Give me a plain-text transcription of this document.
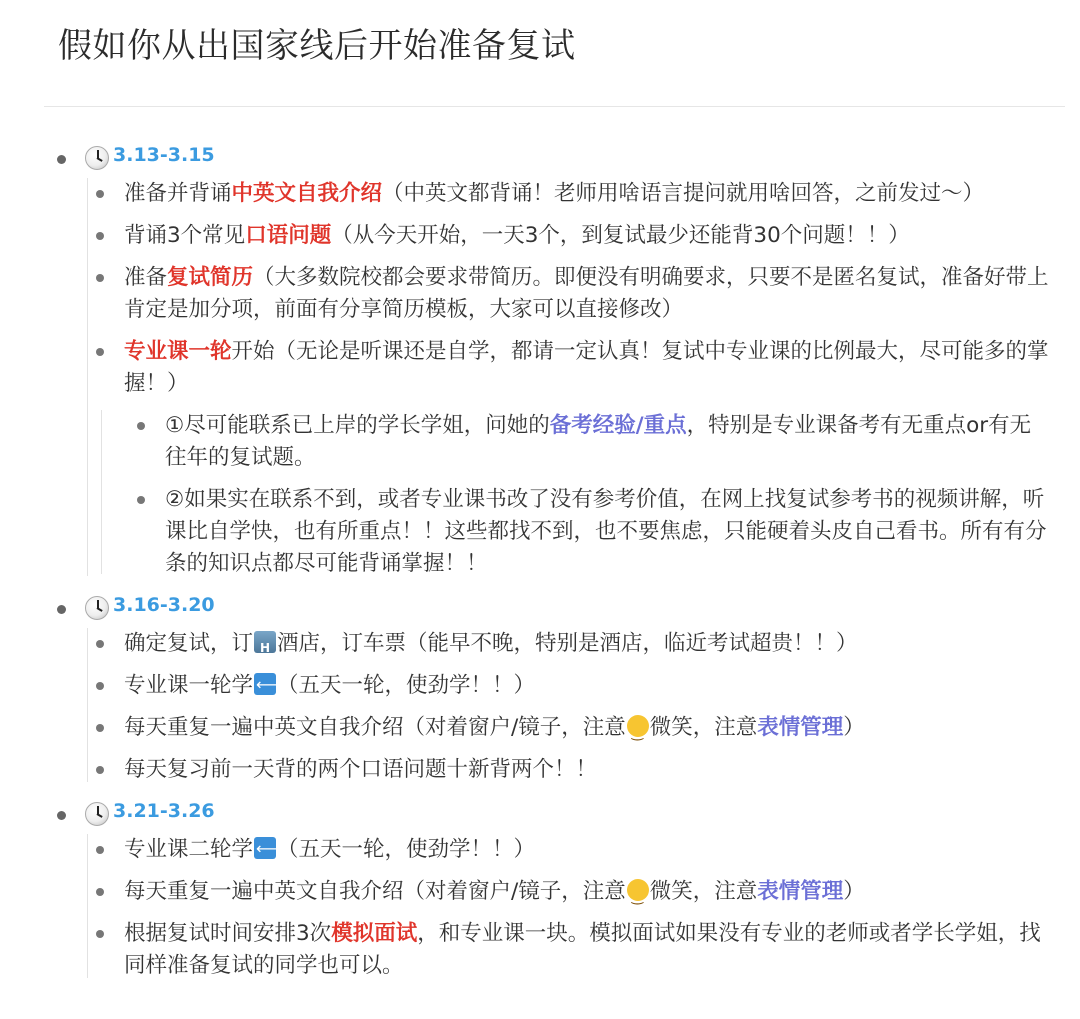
假如你从出国家线后开始准备复试
3.13-3.15
准备并背诵中英文自我介绍（中英文都背诵！老师用啥语言提问就用啥回答，之前发过～）
背诵3个常见口语问题（从今天开始，一天3个，到复试最少还能背30个问题！！）
准备复试简历（大多数院校都会要求带简历。即便没有明确要求，只要不是匿名复试，准备好带上肯定是加分项，前面有分享简历模板，大家可以直接修改）
专业课一轮开始（无论是听课还是自学，都请一定认真！复试中专业课的比例最大，尽可能多的掌握！）
①尽可能联系已上岸的学长学姐，问她的备考经验/重点，特别是专业课备考有无重点or有无往年的复试题。
②如果实在联系不到，或者专业课书改了没有参考价值，在网上找复试参考书的视频讲解，听课比自学快，也有所重点！！这些都找不到，也不要焦虑，只能硬着头皮自己看书。所有有分条的知识点都尽可能背诵掌握！！
3.16-3.20
确定复试，订 H 酒店，订车票（能早不晚，特别是酒店，临近考试超贵！！）
专业课一轮学 ⟵ END （五天一轮，使劲学！！）
每天重复一遍中英文自我介绍（对着窗户/镜子，注意 ‿ 微笑，注意表情管理）
每天复习前一天背的两个口语问题十新背两个！！
3.21-3.26
专业课二轮学 ⟵ END （五天一轮，使劲学！！）
每天重复一遍中英文自我介绍（对着窗户/镜子，注意 ‿ 微笑，注意表情管理）
根据复试时间安排3次模拟面试，和专业课一块。模拟面试如果没有专业的老师或者学长学姐，找同样准备复试的同学也可以。
